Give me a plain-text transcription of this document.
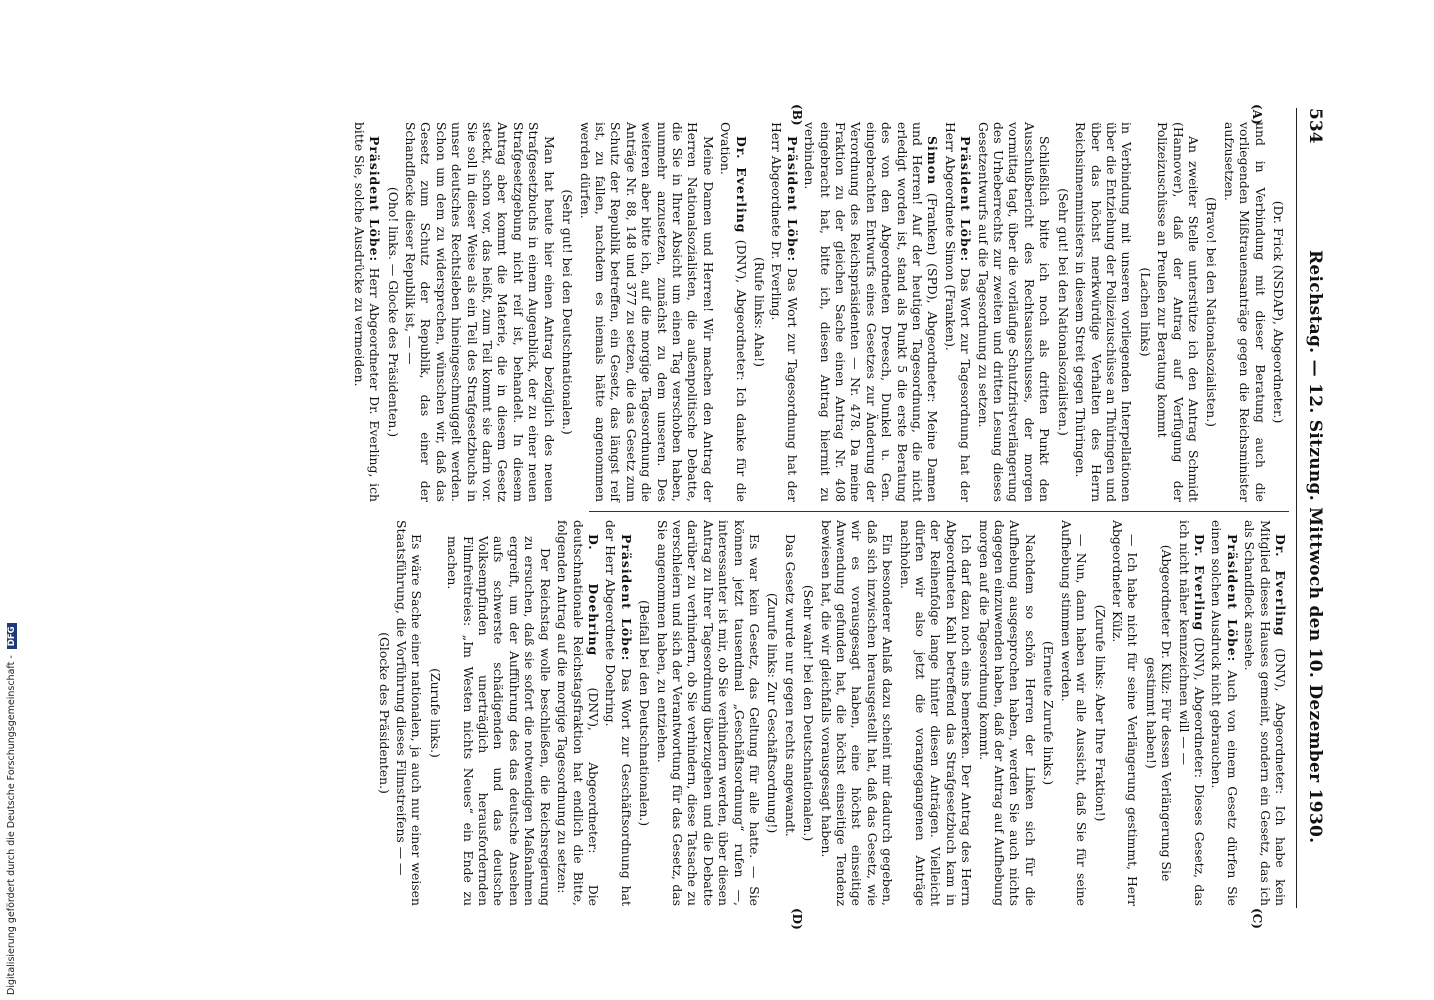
534
Reichstag. — 12. Sitzung. Mittwoch den 10. Dezember 1930.
(A)
(B)
(C)
(D)

(Dr. Frick (NSDAP), Abgeordneter.)

und in Verbindung mit dieser Beratung auch die vorliegenden Mißtrauensanträge gegen die Reichsminister aufzusetzen.

(Bravo! bei den Nationalsozialisten.)

An zweiter Stelle unterstütze ich den Antrag Schmidt (Hannover), daß der Antrag auf Verfügung der Polizeizuschüsse an Preußen zur Beratung kommt

(Lachen links)

in Verbindung mit unseren vorliegenden Interpellationen über die Entziehung der Polizeizuschüsse an Thüringen und über das höchst merkwürdige Verhalten des Herrn Reichsinnenministers in diesem Streit gegen Thüringen.

(Sehr gut! bei den Nationalsozialisten.)

Schließlich bitte ich noch als dritten Punkt den Ausschußbericht des Rechtsausschusses, der morgen vormittag tagt, über die vorläufige Schutzfristverlängerung des Urheberrechts zur zweiten und dritten Lesung dieses Gesetzentwurfs auf die Tagesordnung zu setzen.

Präsident Löbe: Das Wort zur Tagesordnung hat der Herr Abgeordnete Simon (Franken).

Simon (Franken) (SPD), Abgeordneter: Meine Damen und Herren! Auf der heutigen Tagesordnung, die nicht erledigt worden ist, stand als Punkt 5 die erste Beratung des von den Abgeordneten Dreesch, Dunkel u. Gen. eingebrachten Entwurfs eines Gesetzes zur Änderung der Verordnung des Reichspräsidenten — Nr. 478. Da meine Fraktion zu der gleichen Sache einen Antrag Nr. 408 eingebracht hat, bitte ich, diesen Antrag hiermit zu verbinden.

Präsident Löbe: Das Wort zur Tagesordnung hat der Herr Abgeordnete Dr. Everling.

(Rufe links: Aha!)

Dr. Everling (DNV), Abgeordneter: Ich danke für die Ovation.

Meine Damen und Herren! Wir machen den Antrag der Herren Nationalsozialisten, die außenpolitische Debatte, die Sie in Ihrer Absicht um einen Tag verschoben haben, nunmehr anzusetzen, zunächst zu dem unseren. Des weiteren aber bitte ich, auf die morgige Tagesordnung die Anträge Nr. 88, 148 und 377 zu setzen, die das Gesetz zum Schutz der Republik betreffen, ein Gesetz, das längst reif ist, zu fallen, nachdem es niemals hätte angenommen werden dürfen.

(Sehr gut! bei den Deutschnationalen.)

Man hat heute hier einen Antrag bezüglich des neuen Strafgesetzbuchs in einem Augenblick, der zu einer neuen Strafgesetzgebung nicht reif ist, behandelt. In diesem Antrag aber kommt die Materie, die in diesem Gesetz steckt, schon vor, das heißt, zum Teil kommt sie darin vor. Sie soll in dieser Weise als ein Teil des Strafgesetzbuchs in unser deutsches Rechtsleben hineingeschmuggelt werden. Schon um dem zu widersprechen, wünschen wir, daß das Gesetz zum Schutz der Republik, das einer der Schandflecke dieser Republik ist, — —

(Oho! links. — Glocke des Präsidenten.)

Präsident Löbe: Herr Abgeordneter Dr. Everling, ich bitte Sie, solche Ausdrücke zu vermeiden.

Dr. Everling (DNV), Abgeordneter: Ich habe kein Mitglied dieses Hauses gemeint, sondern ein Gesetz, das ich als Schandfleck ansehe.

Präsident Löbe: Auch von einem Gesetz dürfen Sie einen solchen Ausdruck nicht gebrauchen.

Dr. Everling (DNV), Abgeordneter: Dieses Gesetz, das ich nicht näher kennzeichnen will — —

(Abgeordneter Dr. Külz: Für dessen Verlängerung Sie gestimmt haben!)

— Ich habe nicht für seine Verlängerung gestimmt, Herr Abgeordneter Külz.

(Zurufe links: Aber Ihre Fraktion!)

— Nun, dann haben wir alle Aussicht, daß Sie für seine Aufhebung stimmen werden.

(Erneute Zurufe links.)

Nachdem so schön Herren der Linken sich für die Aufhebung ausgesprochen haben, werden Sie auch nichts dagegen einzuwenden haben, daß der Antrag auf Aufhebung morgen auf die Tagesordnung kommt.

Ich darf dazu noch eins bemerken. Der Antrag des Herrn Abgeordneten Kahl betreffend das Strafgesetzbuch kam in der Reihenfolge lange hinter diesen Anträgen. Vielleicht dürfen wir also jetzt die vorangegangenen Anträge nachholen.

Ein besonderer Anlaß dazu scheint mir dadurch gegeben, daß sich inzwischen herausgestellt hat, daß das Gesetz, wie wir es vorausgesagt haben, eine höchst einseitige Anwendung gefunden hat, die höchst einseitige Tendenz bewiesen hat, die wir gleichfalls vorausgesagt haben.

(Sehr wahr! bei den Deutschnationalen.)

Das Gesetz wurde nur gegen rechts angewandt.

(Zurufe links: Zur Geschäftsordnung!)

Es war kein Gesetz, das Geltung für alle hatte. — Sie können jetzt tausendmal „Geschäftsordnung“ rufen —, interessanter ist mir, ob Sie verhindern werden, über diesen Antrag zu Ihrer Tagesordnung überzugehen und die Debatte darüber zu verhindern, ob Sie verhindern, diese Tatsache zu verschleiern und sich der Verantwortung für das Gesetz, das Sie angenommen haben, zu entziehen.

(Beifall bei den Deutschnationalen.)

Präsident Löbe: Das Wort zur Geschäftsordnung hat der Herr Abgeordnete Doehring.

D. Doehring (DNV), Abgeordneter: Die deutschnationale Reichstagsfraktion hat endlich die Bitte, folgenden Antrag auf die morgige Tagesordnung zu setzen:

Der Reichstag wolle beschließen, die Reichsregierung zu ersuchen, daß sie sofort die notwendigen Maßnahmen ergreift, um der Aufführung des das deutsche Ansehen aufs schwerste schädigenden und das deutsche Volksempfinden unerträglich herausfordernden Filmfreitreies: „Im Westen nichts Neues“ ein Ende zu machen.

(Zurufe links.)

Es wäre Sache einer nationalen, ja auch nur einer weisen Staatsführung, die Vorführung dieses Filmstreifens — —

(Glocke des Präsidenten.)

Digitalisierung gefördert durch die Deutsche Forschungsgemeinschaft - DFG
